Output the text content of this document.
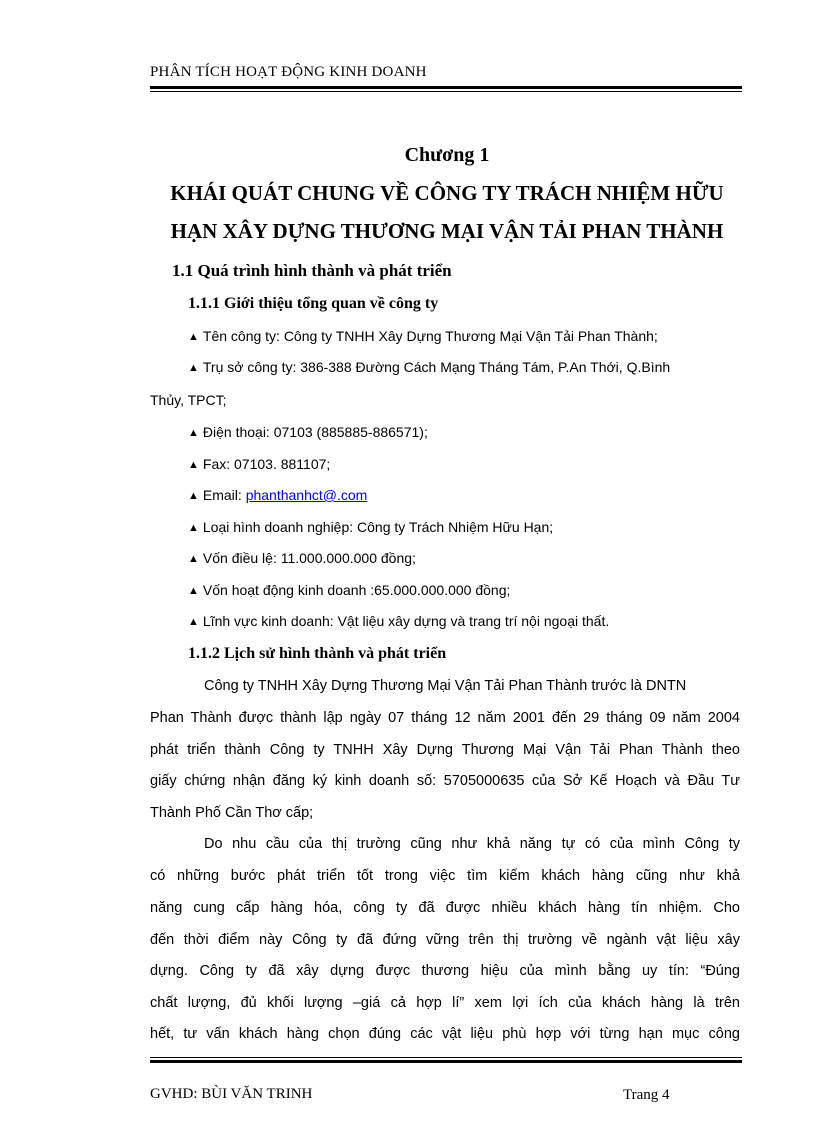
PHÂN TÍCH HOẠT ĐỘNG KINH DOANH
Chương 1
KHÁI QUÁT CHUNG VỀ CÔNG TY TRÁCH NHIỆM HỮU
HẠN XÂY DỰNG THƯƠNG MẠI VẬN TẢI PHAN THÀNH
1.1 Quá trình hình thành và phát triển
1.1.1 Giới thiệu tổng quan về công ty
▲ Tên công ty: Công ty TNHH Xây Dựng Thương Mại Vận Tải Phan Thành;
▲ Trụ sở công ty: 386-388 Đường Cách Mạng Tháng Tám, P.An Thới, Q.Bình
Thủy, TPCT;
▲ Điện thoại: 07103 (885885-886571);
▲ Fax: 07103. 881107;
▲ Email: phanthanhct@.com
▲ Loại hình doanh nghiệp: Công ty Trách Nhiệm Hữu Hạn;
▲ Vốn điều lệ: 11.000.000.000 đồng;
▲ Vốn hoạt động kinh doanh :65.000.000.000 đồng;
▲ Lĩnh vực kinh doanh: Vật liệu xây dựng và trang trí nội ngoại thất.
1.1.2 Lịch sử hình thành và phát triển
Công ty TNHH Xây Dựng Thương Mại Vận Tải Phan Thành trước là DNTN
Phan Thành được thành lập ngày 07 tháng 12 năm 2001 đến 29 tháng 09 năm 2004
phát triển thành Công ty TNHH Xây Dựng Thương Mại Vận Tải Phan Thành theo
giấy chứng nhận đăng ký kinh doanh số: 5705000635 của Sở Kế Hoạch và Đầu Tư
Thành Phố Cần Thơ cấp;
Do nhu cầu của thị trường cũng như khả năng tự có của mình Công ty
có những bước phát triển tốt trong việc tìm kiếm khách hàng cũng như khả
năng cung cấp hàng hóa, công ty đã được nhiều khách hàng tín nhiệm. Cho
đến thời điểm này Công ty đã đứng vững trên thị trường về ngành vật liệu xây
dựng. Công ty đã xây dựng được thương hiệu của mình bằng uy tín: “Đúng
chất lượng, đủ khối lượng –giá cả hợp lí” xem lợi ích của khách hàng là trên
hết, tư vấn khách hàng chọn đúng các vật liệu phù hợp với từng hạn mục công
GVHD: BÙI VĂN TRINH	Trang 4
